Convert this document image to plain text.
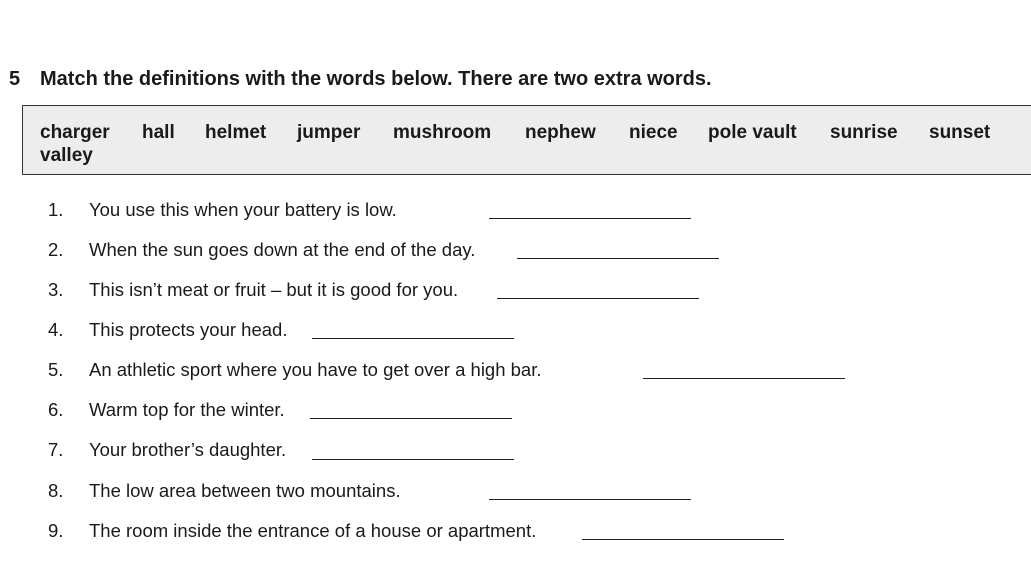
5 Match the definitions with the words below. There are two extra words.
charger hall helmet jumper mushroom nephew niece pole vault sunrise sunset
valley
1. You use this when your battery is low.
2. When the sun goes down at the end of the day.
3. This isn’t meat or fruit – but it is good for you.
4. This protects your head.
5. An athletic sport where you have to get over a high bar.
6. Warm top for the winter.
7. Your brother’s daughter.
8. The low area between two mountains.
9. The room inside the entrance of a house or apartment.
